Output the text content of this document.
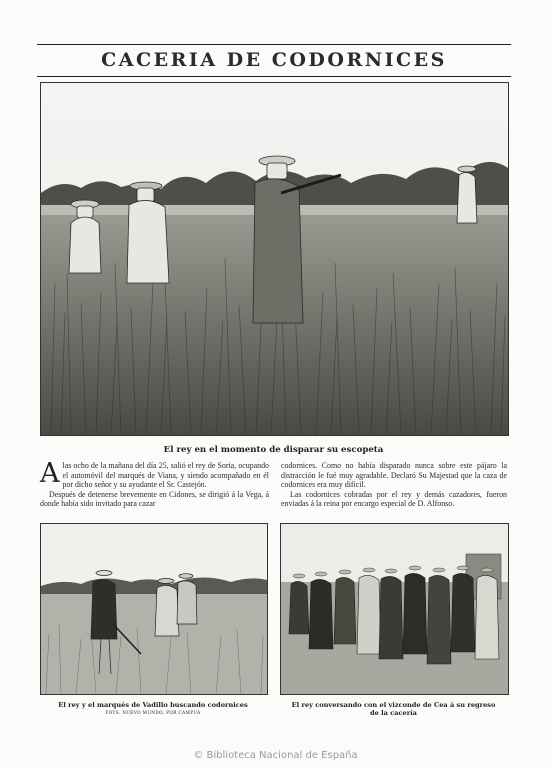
CACERIA DE CODORNICES
El rey en el momento de disparar su escopeta

Alas ocho de la mañana del día 25, salió el rey de Soria, ocupando el automóvil del marqués de Viana, y siendo acompañado en él por dicho señor y su ayudante el Sr. Castejón.

Después de detenerse brevemente en Cidones, se dirigió á la Vega, á donde había sido invitado para cazar

codornices. Como no había disparado nunca sobre este pájaro la distracción le fué muy agradable. Declaró Su Majestad que la caza de codornices era muy difícil.

Las codornices cobradas por el rey y demás cazadores, fueron enviadas á la reina por encargo especial de D. Alfonso.

El rey y el marqués de Vadillo buscando codornices
FOTS. NUEVO MUNDO, POR CAMPUA
El rey conversando con el vizconde de Cea á su regreso
de la cacería
© Biblioteca Nacional de España
